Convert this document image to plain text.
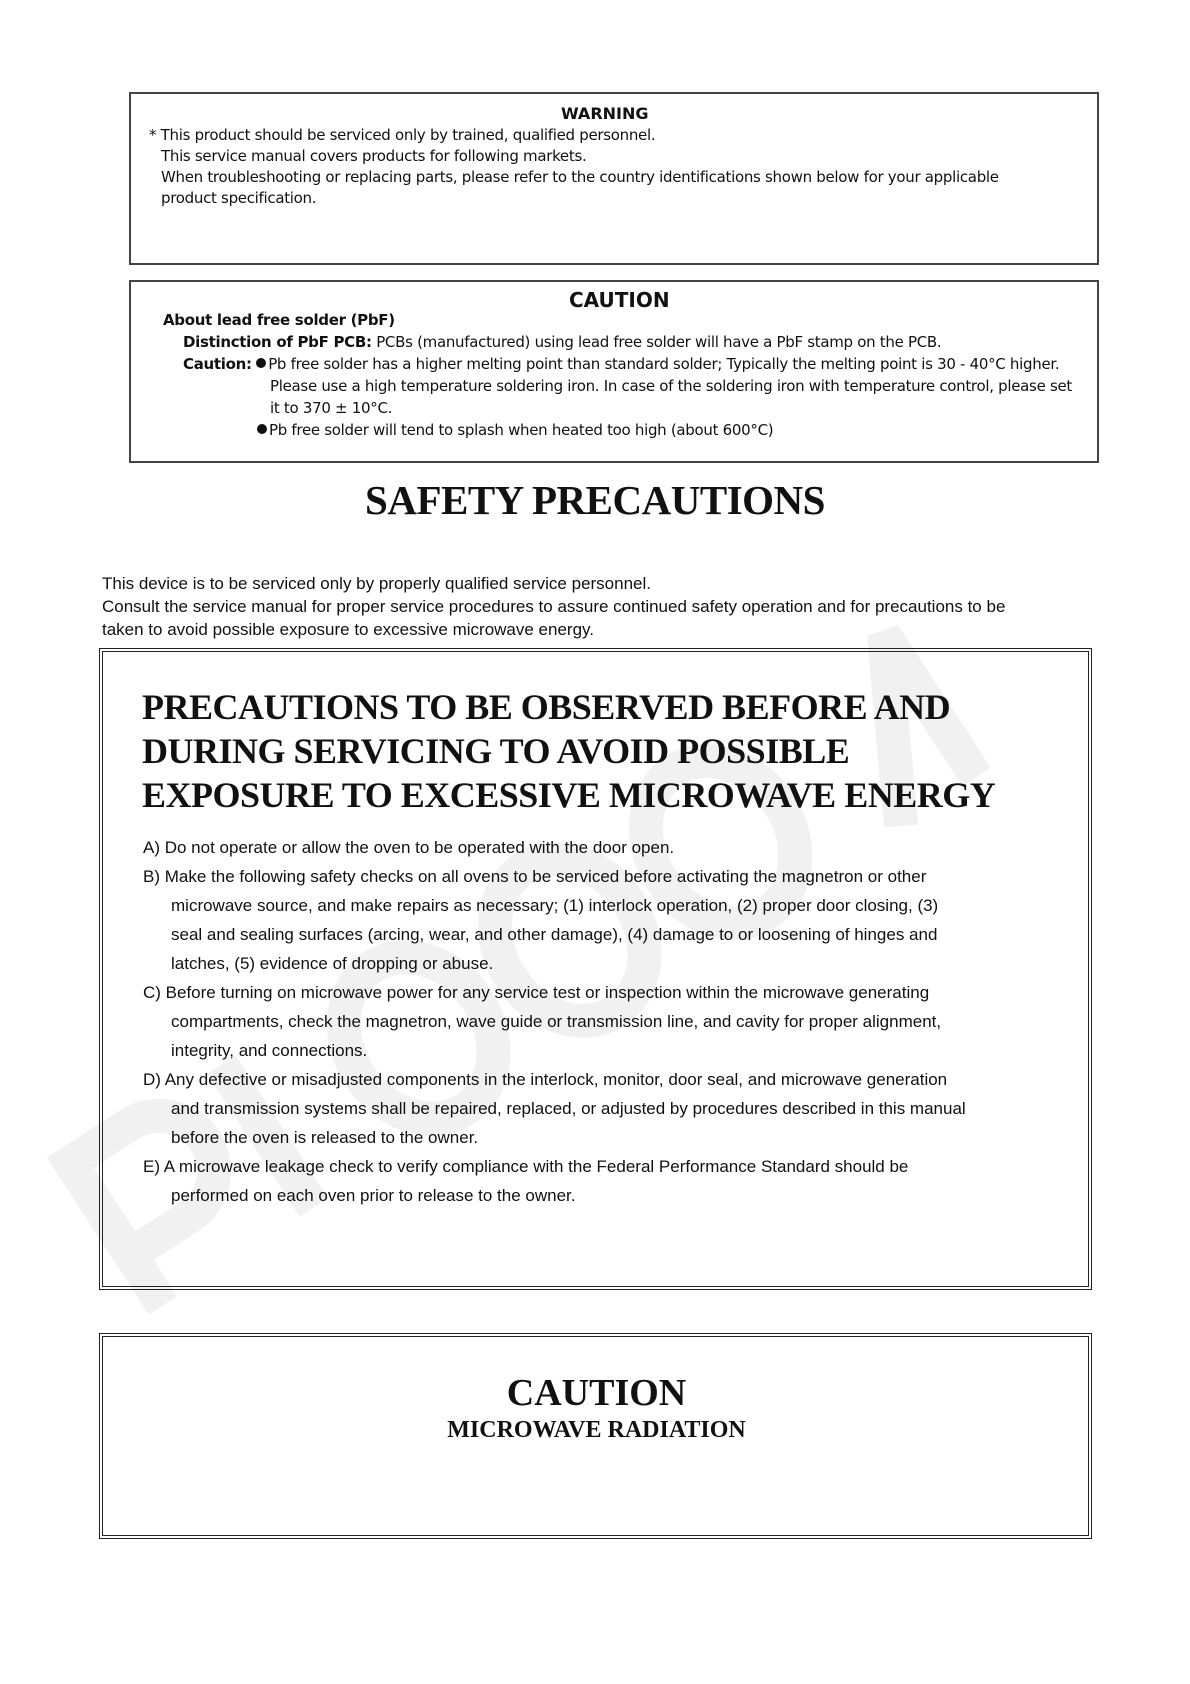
WARNING
* This product should be serviced only by trained, qualified personnel.
This service manual covers products for following markets.
When troubleshooting or replacing parts, please refer to the country identifications shown below for your applicable
product specification.
CAUTION
About lead free solder (PbF)
Distinction of PbF PCB: PCBs (manufactured) using lead free solder will have a PbF stamp on the PCB.
Caution: Pb free solder has a higher melting point than standard solder; Typically the melting point is 30 - 40°C higher.
Please use a high temperature soldering iron. In case of the soldering iron with temperature control, please set
it to 370 ± 10°C.
Pb free solder will tend to splash when heated too high (about 600°C)
SAFETY PRECAUTIONS
This device is to be serviced only by properly qualified service personnel.
Consult the service manual for proper service procedures to assure continued safety operation and for precautions to be
taken to avoid possible exposure to excessive microwave energy.
PRECAUTIONS TO BE OBSERVED BEFORE AND
DURING SERVICING TO AVOID POSSIBLE
EXPOSURE TO EXCESSIVE MICROWAVE ENERGY
A) Do not operate or allow the oven to be operated with the door open.
B) Make the following safety checks on all ovens to be serviced before activating the magnetron or other
microwave source, and make repairs as necessary; (1) interlock operation, (2) proper door closing, (3)
seal and sealing surfaces (arcing, wear, and other damage), (4) damage to or loosening of hinges and
latches, (5) evidence of dropping or abuse.
C) Before turning on microwave power for any service test or inspection within the microwave generating
compartments, check the magnetron, wave guide or transmission line, and cavity for proper alignment,
integrity, and connections.
D) Any defective or misadjusted components in the interlock, monitor, door seal, and microwave generation
and transmission systems shall be repaired, replaced, or adjusted by procedures described in this manual
before the oven is released to the owner.
E) A microwave leakage check to verify compliance with the Federal Performance Standard should be
performed on each oven prior to release to the owner.
CAUTION
MICROWAVE RADIATION
